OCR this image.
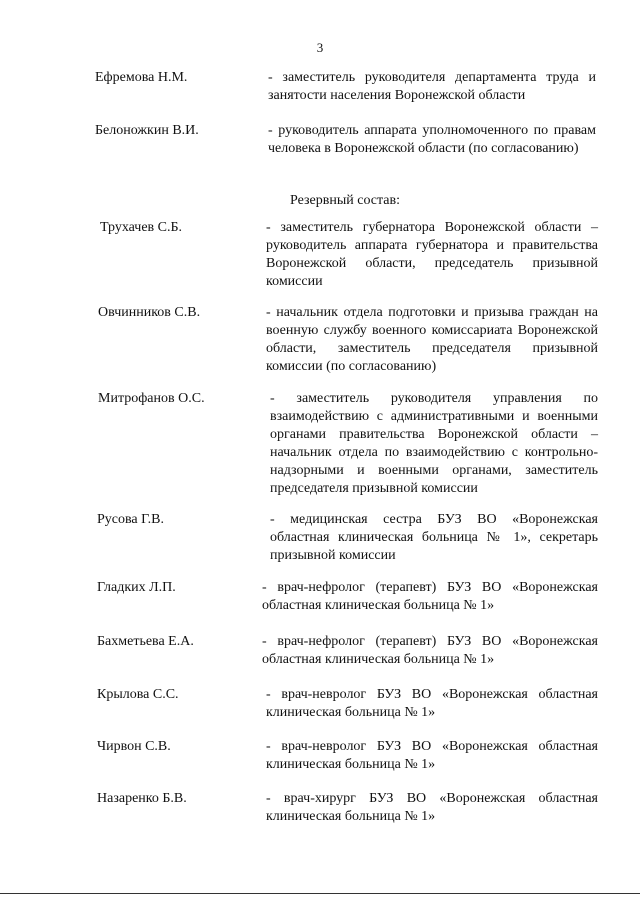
3
Ефремова Н.М.	- заместитель руководителя департамента труда и занятости населения Воронежской области
Белоножкин В.И.	- руководитель аппарата уполномоченного по правам человека в Воронежской области (по согласованию)
Резервный состав:
Трухачев С.Б.	- заместитель губернатора Воронежской области – руководитель аппарата губернатора и правительства Воронежской области, председатель призывной комиссии
Овчинников С.В.	- начальник отдела подготовки и призыва граждан на военную службу военного комиссариата Воронежской области, заместитель председателя призывной комиссии (по согласованию)
Митрофанов О.С.	- заместитель руководителя управления по взаимодействию с административными и военными органами правительства Воронежской области – начальник отдела по взаимодействию с контрольно-надзорными и военными органами, заместитель председателя призывной комиссии
Русова Г.В.	- медицинская сестра БУЗ ВО «Воронежская областная клиническая больница № 1», секретарь призывной комиссии
Гладких Л.П.	- врач-нефролог (терапевт) БУЗ ВО «Воронежская областная клиническая больница № 1»
Бахметьева Е.А.	- врач-нефролог (терапевт) БУЗ ВО «Воронежская областная клиническая больница № 1»
Крылова С.С.	- врач-невролог БУЗ ВО «Воронежская областная клиническая больница № 1»
Чирвон С.В.	- врач-невролог БУЗ ВО «Воронежская областная клиническая больница № 1»
Назаренко Б.В.	- врач-хирург БУЗ ВО «Воронежская областная клиническая больница № 1»
